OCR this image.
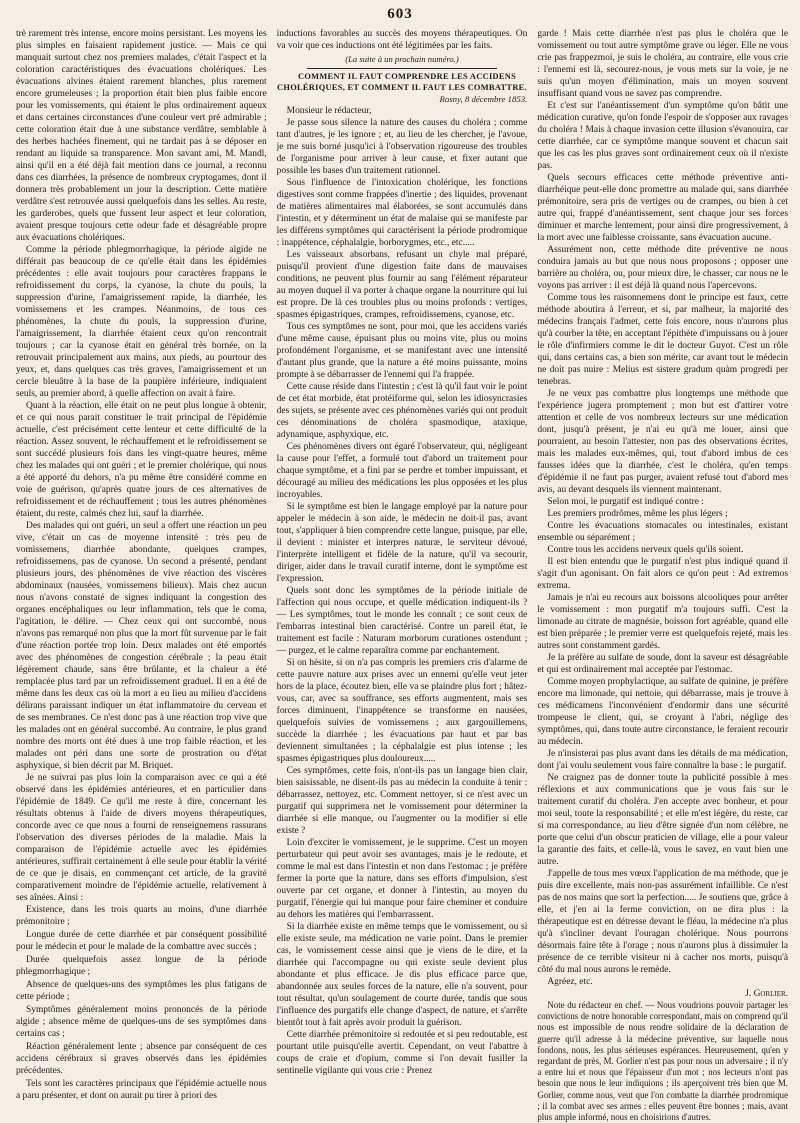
603

trè rarement très intense, encore moins persistant. Les moyens les plus simples en faisaient rapidement justice. — Mais ce qui manquait surtout chez nos premiers malades, c'était l'aspect et la coloration caractéristiques des évacuations cholériques. Les évacuations alvines étaient rarement blanches, plus rarement encore grumeleuses ; la proportion était bien plus faible encore pour les vomissements, qui étaient le plus ordinairement aqueux et dans certaines circonstances d'une couleur vert pré admirable ; cette coloration était due à une substance verdâtre, semblable à des herbes hachées finement, qui ne tardait pas à se déposer en rendant au liquide sa transparence. Mon savant ami, M. Mandl, ainsi qu'il en a été déjà fait mention dans ce journal, a reconnu dans ces diarrhées, la présence de nombreux cryptogames, dont il donnera très probablement un jour la description. Cette matière verdâtre s'est retrouvée aussi quelquefois dans les selles. Au reste, les garderobes, quels que fussent leur aspect et leur coloration, avaient presque toujours cette odeur fade et désagréable propre aux évacuations cholériques.

Comme la période phlegmorrhagique, la période algide ne différait pas beaucoup de ce qu'elle était dans les épidémies précédentes : elle avait toujours pour caractères frappans le refroidissement du corps, la cyanose, la chute du pouls, la suppression d'urine, l'amaigrissement rapide, la diarrhée, les vomissemens et les crampes. Néanmoins, de tous ces phénomènes, la chute du pouls, la suppression d'urine, l'amaigrissement, la diarrhée étaient ceux qu'on rencontrait toujours ; car la cyanose était en général très bornée, on la retrouvait principalement aux mains, aux pieds, au pourtour des yeux, et, dans quelques cas très graves, l'amaigrissement et un cercle bleuâtre à la base de la paupière inférieure, indiquaient seuls, au premier abord, à quelle affection on avait à faire.

Quant à la réaction, elle était on ne peut plus longue à obtenir, et ce qui nous parait constituer le trait principal de l'épidémie actuelle, c'est précisément cette lenteur et cette difficulté de la réaction. Assez souvent, le réchauffement et le refroidissement se sont succédé plusieurs fois dans les vingt-quatre heures, même chez les malades qui ont guéri ; et le premier cholérique, qui nous a été apporté du dehors, n'a pu même être considéré comme en voie de guérison, qu'après quatre jours de ces alternatives de refroidissement et de réchauffement ; tous les autres phénomènes étaient, du reste, calmés chez lui, sauf la diarrhée.

Des malades qui ont guéri, un seul a offert une réaction un peu vive, c'était un cas de moyenne intensité : très peu de vomissemens, diarrhée abondante, quelques crampes, refroidissemens, pas de cyanose. Un second a présenté, pendant plusieurs jours, des phénomènes de vive réaction des viscères abdominaux (nausées, vomissemens bilieux). Mais chez aucun nous n'avons constaté de signes indiquant la congestion des organes encéphaliques ou leur inflammation, tels que le coma, l'agitation, le délire. — Chez ceux qui ont succombé, nous n'avons pas remarqué non plus que la mort fût survenue par le fait d'une réaction portée trop loin. Deux malades ont été emportés avec des phénomènes de congestion cérébrale ; la peau était légèrement chaude, sans être brûlante, et la chaleur a été remplacée plus tard par un refroidissement graduel. Il en a été de même dans les deux cas où la mort a eu lieu au milieu d'accidens délirans paraissant indiquer un état inflammatoire du cerveau et de ses membranes. Ce n'est donc pas à une réaction trop vive que les malades ont en général succombé. Au contraire, le plus grand nombre des morts ont été dues à une trop faible réaction, et les malades ont péri dans une sorte de prostration ou d'état asphyxique, si bien décrit par M. Briquet.

Je ne suivrai pas plus loin la comparaison avec ce qui a été observé dans les épidémies antérieures, et en particulier dans l'épidémie de 1849. Ce qu'il me reste à dire, concernant les résultats obtenus à l'aide de divers moyens thérapeutiques, concorde avec ce que nous a fourni de renseignemens rassurans l'observation des diverses périodes de la maladie. Mais la comparaison de l'épidémie actuelle avec les épidémies antérieures, suffirait certainement à elle seule pour établir la vérité de ce que je disais, en commençant cet article, de la gravité comparativement moindre de l'épidémie actuelle, relativement à ses aînées. Ainsi :

Existence, dans les trois quarts au moins, d'une diarrhée prémonitoire ;

Longue durée de cette diarrhée et par conséquent possibilité pour le médecin et pour le malade de la combattre avec succès ;

Durée quelquefois assez longue de la période phlegmorrhagique ;

Absence de quelques-uns des symptômes les plus fatigans de cette période ;

Symptômes généralement moins prononcés de la période algide ; absence même de quelques-uns de ses symptômes dans certains cas ;

Réaction généralement lente ; absence par conséquent de ces accidens cérébraux si graves observés dans les épidémies précédentes.

Tels sont les caractères principaux que l'épidémie actuelle nous a paru présenter, et dont on aurait pu tirer à priori des

inductions favorables au succès des moyens thérapeutiques. On va voir que ces inductions ont été légitimées par les faits.

(La suite à un prochain numéro.)

COMMENT IL FAUT COMPRENDRE LES ACCIDENS CHOLÉRIQUES, ET COMMENT IL FAUT LES COMBATTRE.

Rosny, 8 décembre 1853.

Monsieur le rédacteur,

Je passe sous silence la nature des causes du choléra ; comme tant d'autres, je les ignore ; et, au lieu de les chercher, je l'avoue, je me suis borné jusqu'ici à l'observation rigoureuse des troubles de l'organisme pour arriver à leur cause, et fixer autant que possible les bases d'un traitement rationnel.

Sous l'influence de l'intoxication cholérique, les fonctions digestives sont comme frappées d'inertie ; des liquides, provenant de matières alimentaires mal élaborées, se sont accumulés dans l'intestin, et y déterminent un état de malaise qui se manifeste par les différens symptômes qui caractérisent la période prodromique : inappétence, céphalalgie, borborygmes, etc., etc.....

Les vaisseaux absorbans, refusant un chyle mal préparé, puisqu'il provient d'une digestion faite dans de mauvaises conditions, ne peuvent plus fournir au sang l'élément réparateur au moyen duquel il va porter à chaque organe la nourriture qui lui est propre. De là ces troubles plus ou moins profonds : vertiges, spasmes épigastriques, crampes, refroidissemens, cyanose, etc.

Tous ces symptômes ne sont, pour moi, que les accidens variés d'une même cause, épuisant plus ou moins vite, plus ou moins profondément l'organisme, et se manifestant avec une intensité d'autant plus grande, que la nature a été moins puissante, moins prompte à se débarrasser de l'ennemi qui l'a frappée.

Cette cause réside dans l'intestin ; c'est là qu'il faut voir le point de cet état morbide, état protéiforme qui, selon les idiosyncrasies des sujets, se présente avec ces phénomènes variés qui ont produit ces dénominations de choléra spasmodique, ataxique, adynamique, asphyxique, etc.

Ces phénomènes divers ont égaré l'observateur, qui, négligeant la cause pour l'effet, a formulé tout d'abord un traitement pour chaque symptôme, et a fini par se perdre et tomber impuissant, et découragé au milieu des médications les plus opposées et les plus incroyables.

Si le symptôme est bien le langage employé par la nature pour appeler le médecin à son aide, le médecin ne doit-il pas, avant tout, s'appliquer à bien comprendre cette langue, puisque, par elle, il devient : minister et interpres naturæ, le serviteur dévoué, l'interprète intelligent et fidèle de la nature, qu'il va secourir, diriger, aider dans le travail curatif interne, dont le symptôme est l'expression.

Quels sont donc les symptômes de la période initiale de l'affection qui nous occupe, et quelle médication indiquent-ils ? — Les symptômes, tout le monde les connaît ; ce sont ceux de l'embarras intestinal bien caractérisé. Contre un pareil état, le traitement est facile : Naturam morborum curationes ostendunt ; — purgez, et le calme reparaîtra comme par enchantement.

Si on hésite, si on n'a pas compris les premiers cris d'alarme de cette pauvre nature aux prises avec un ennemi qu'elle veut jeter hors de la place, écoutez bien, elle va se plaindre plus fort ; hâtez-vous, car, avec sa souffrance, ses efforts augmentent, mais ses forces diminuent, l'inappétence se transforme en nausées, quelquefois suivies de vomissemens ; aux gargouillemens, succède la diarrhée ; les évacuations par haut et par bas deviennent simultanées ; la céphalalgie est plus intense ; les spasmes épigastriques plus douloureux.....

Ces symptômes, cette fois, n'ont-ils pas un langage bien clair, bien saisissable, ne disent-ils pas au médecin la conduite à tenir : débarrassez, nettoyez, etc. Comment nettoyer, si ce n'est avec un purgatif qui supprimera net le vomissement pour déterminer la diarrhée si elle manque, ou l'augmenter ou la modifier si elle existe ?

Loin d'exciter le vomissement, je le supprime. C'est un moyen perturbateur qui peut avoir ses avantages, mais je le redoute, et comme le mal est dans l'intestin et non dans l'estomac ; je préfère fermer la porte que la nature, dans ses efforts d'impulsion, s'est ouverte par cet organe, et donner à l'intestin, au moyen du purgatif, l'énergie qui lui manque pour faire cheminer et conduire au dehors les matières qui l'embarrassent.

Si la diarrhée existe en même temps que le vomissement, ou si elle existe seule, ma médication ne varie point. Dans le premier cas, le vomissement cesse ainsi que je viens de le dire, et la diarrhée qui l'accompagne ou qui existe seule devient plus abondante et plus efficace. Je dis plus efficace parce que, abandonnée aux seules forces de la nature, elle n'a souvent, pour tout résultat, qu'un soulagement de courte durée, tandis que sous l'influence des purgatifs elle change d'aspect, de nature, et s'arrête bientôt tout à fait après avoir produit la guérison.

Cette diarrhée prémonitoire si redoutée et si peu redoutable, est pourtant utile puisqu'elle avertit. Cependant, on veut l'abattre à coups de craie et d'opium, comme si l'on devait fusiller la sentinelle vigilante qui vous crie : Prenez

garde ! Mais cette diarrhée n'est pas plus le choléra que le vomissement ou tout autre symptôme grave ou léger. Elle ne vous crie pas frappezmoi, je suis le choléra, au contraire, elle vous crie : l'ennemi est là, secourez-nous, je vous mets sur la voie, je ne suis qu'un moyen d'élimination, mais un moyen souvent insuffisant quand vous ne savez pas comprendre.

Et c'est sur l'anéantissement d'un symptôme qu'on bâtit une médication curative, qu'on fonde l'espoir de s'opposer aux ravages du choléra ! Mais à chaque invasion cette illusion s'évanouira, car cette diarrhée, car ce symptôme manque souvent et chacun sait que les cas les plus graves sont ordinairement ceux où il n'existe pas.

Quels secours efficaces cette méthode préventive anti-diarrhéique peut-elle donc promettre au malade qui, sans diarrhée prémonitoire, sera pris de vertiges ou de crampes, ou bien à cet autre qui, frappé d'anéantissement, sent chaque jour ses forces diminuer et marche lentement, pour ainsi dire progressivement, à la mort avec une faiblesse croissante, sans évacuation aucune.

Assurément non, cette méthode dite préventive ne nous conduira jamais au but que nous nous proposons ; opposer une barrière au choléra, ou, pour mieux dire, le chasser, car nous ne le voyons pas arriver : il est déjà là quand nous l'apercevons.

Comme tous les raisonnemens dont le principe est faux, cette méthode aboutira à l'erreur, et si, par malheur, la majorité des médecins français l'admet, cette fois encore, nous n'aurons plus qu'à courber la tête, en acceptant l'épithète d'impuissans ou à jouer le rôle d'infirmiers comme le dit le docteur Guyot. C'est un rôle qui, dans certains cas, a bien son mérite, car avant tout le médecin ne doit pas nuire : Melius est sistere gradum quàm progredi per tenebras.

Je ne veux pas combattre plus longtemps une méthode que l'expérience jugera promptement ; mon but est d'attirer votre attention et celle de vos nombreux lecteurs sur une médication dont, jusqu'à présent, je n'ai eu qu'à me louer, ainsi que pourraient, au besoin l'attester, non pas des observations écrites, mais les malades eux-mêmes, qui, tout d'abord imbus de ces fausses idées que la diarrhée, c'est le choléra, qu'en temps d'épidémie il ne faut pas purger, avaient refusé tout d'abord mes avis, au devant desquels ils viennent maintenant.

Selon moi, le purgatif est indiqué contre :

Les premiers prodrômes, même les plus légers ;

Contre les évacuations stomacales ou intestinales, existant ensemble ou séparément ;

Contre tous les accidens nerveux quels qu'ils soient.

Il est bien entendu que le purgatif n'est plus indiqué quand il s'agit d'un agonisant. On fait alors ce qu'on peut : Ad extremos extrema.

Jamais je n'ai eu recours aux boissons alcooliques pour arrêter le vomissement : mon purgatif m'a toujours suffi. C'est la limonade au citrate de magnésie, boisson fort agréable, quand elle est bien préparée ; le premier verre est quelquefois rejeté, mais les autres sont constamment gardés.

Je la préfère au sulfate de soude, dont la saveur est désagréable et qui est ordinairement mal acceptée par l'estomac.

Comme moyen prophylactique, au sulfate de quinine, je préfère encore ma limonade, qui nettoie, qui débarrasse, mais je trouve à ces médicamens l'inconvénient d'endormir dans une sécurité trompeuse le client, qui, se croyant à l'abri, néglige des symptômes, qui, dans toute autre circonstance, le feraient recourir au médecin.

Je n'insisterai pas plus avant dans les détails de ma médication, dont j'ai voulu seulement vous faire connaître la base : le purgatif.

Ne craignez pas de donner toute la publicité possible à mes réflexions et aux communications que je vous fais sur le traitement curatif du choléra. J'en accepte avec bonheur, et pour moi seul, toute la responsabilité ; et elle m'est légère, du reste, car si ma correspondance, au lieu d'être signée d'un nom célèbre, ne porte que celui d'un obscur praticien de village, elle a pour valeur la garantie des faits, et celle-là, vous le savez, en vaut bien une autre.

J'appelle de tous mes vœux l'application de ma méthode, que je puis dire excellente, mais non-pas assurément infaillible. Ce n'est pas de nos mains que sort la perfection..... Je soutiens que, grâce à elle, et j'en ai la ferme conviction, on ne dira plus : la thérapeutique est en détresse devant le fléau, la médecine n'a plus qu'à s'incliner devant l'ouragan cholérique. Nous pourrons désormais faire tête à l'orage ; nous n'aurons plus à dissimuler la présence de ce terrible visiteur ni à cacher nos morts, puisqu'à côté du mal nous aurons le remède.

Agréez, etc.

J. Gorlier.

Note du rédacteur en chef. — Nous voudrions pouvoir partager les convictions de notre honorable correspondant, mais on comprend qu'il nous est impossible de nous rendre solidaire de la déclaration de guerre qu'il adresse à la médecine préventive, sur laquelle nous fondons, nous, les plus sérieuses espérances. Heureusement, qu'en y regardant de près, M. Gorlier n'est pas pour nous un adversaire ; il n'y a entre lui et nous que l'épaisseur d'un mot ; nos lecteurs n'ont pas besoin que nous le leur indiquions ; ils aperçoivent très bien que M. Gorlier, comme nous, veut que l'on combatte la diarrhée prodromique ; il la combat avec ses armes : elles peuvent être bonnes ; mais, avant plus ample informé, nous en choisirions d'autres.
